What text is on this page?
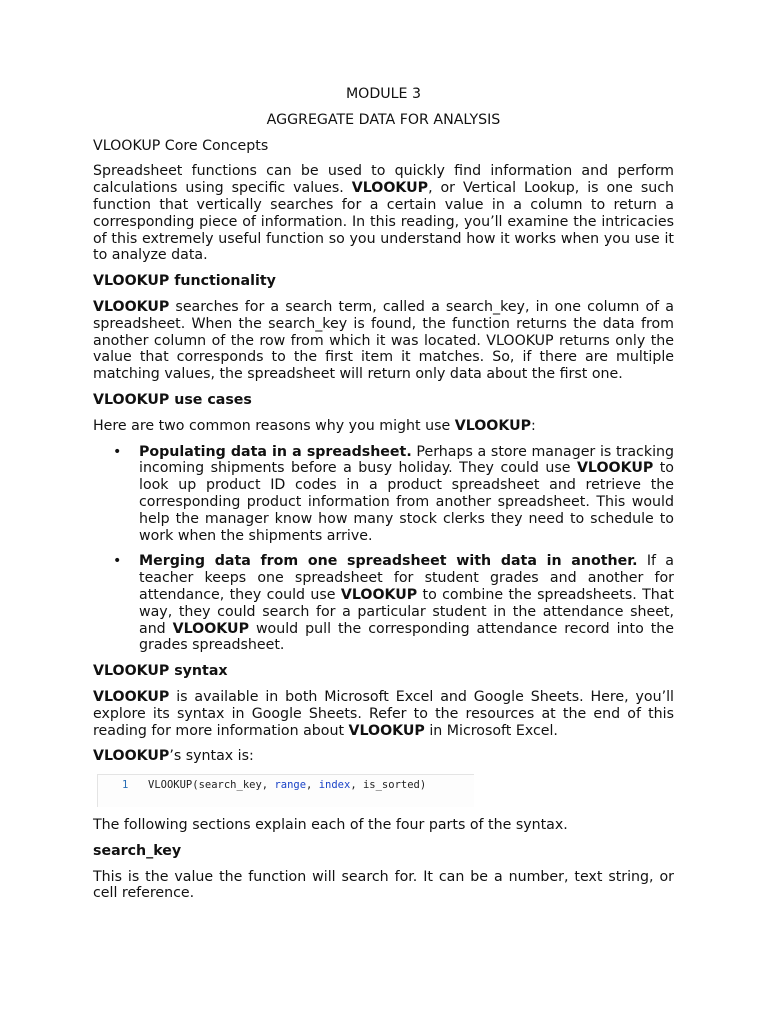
MODULE 3

AGGREGATE DATA FOR ANALYSIS

VLOOKUP Core Concepts

Spreadsheet functions can be used to quickly find information and perform calculations using specific values. VLOOKUP, or Vertical Lookup, is one such function that vertically searches for a certain value in a column to return a corresponding piece of information. In this reading, you’ll examine the intricacies of this extremely useful function so you understand how it works when you use it to analyze data.

VLOOKUP functionality

VLOOKUP searches for a search term, called a search_key, in one column of a spreadsheet. When the search_key is found, the function returns the data from another column of the row from which it was located. VLOOKUP returns only the value that corresponds to the first item it matches. So, if there are multiple matching values, the spreadsheet will return only data about the first one.

VLOOKUP use cases

Here are two common reasons why you might use VLOOKUP:

• Populating data in a spreadsheet. Perhaps a store manager is tracking incoming shipments before a busy holiday. They could use VLOOKUP to look up product ID codes in a product spreadsheet and retrieve the corresponding product information from another spreadsheet. This would help the manager know how many stock clerks they need to schedule to work when the shipments arrive.
• Merging data from one spreadsheet with data in another. If a teacher keeps one spreadsheet for student grades and another for attendance, they could use VLOOKUP to combine the spreadsheets. That way, they could search for a particular student in the attendance sheet, and VLOOKUP would pull the corresponding attendance record into the grades spreadsheet.
VLOOKUP syntax

VLOOKUP is available in both Microsoft Excel and Google Sheets. Here, you’ll explore its syntax in Google Sheets. Refer to the resources at the end of this reading for more information about VLOOKUP in Microsoft Excel.

VLOOKUP’s syntax is:

1 VLOOKUP(search_key, range, index, is_sorted)

The following sections explain each of the four parts of the syntax.

search_key

This is the value the function will search for. It can be a number, text string, or cell reference.
